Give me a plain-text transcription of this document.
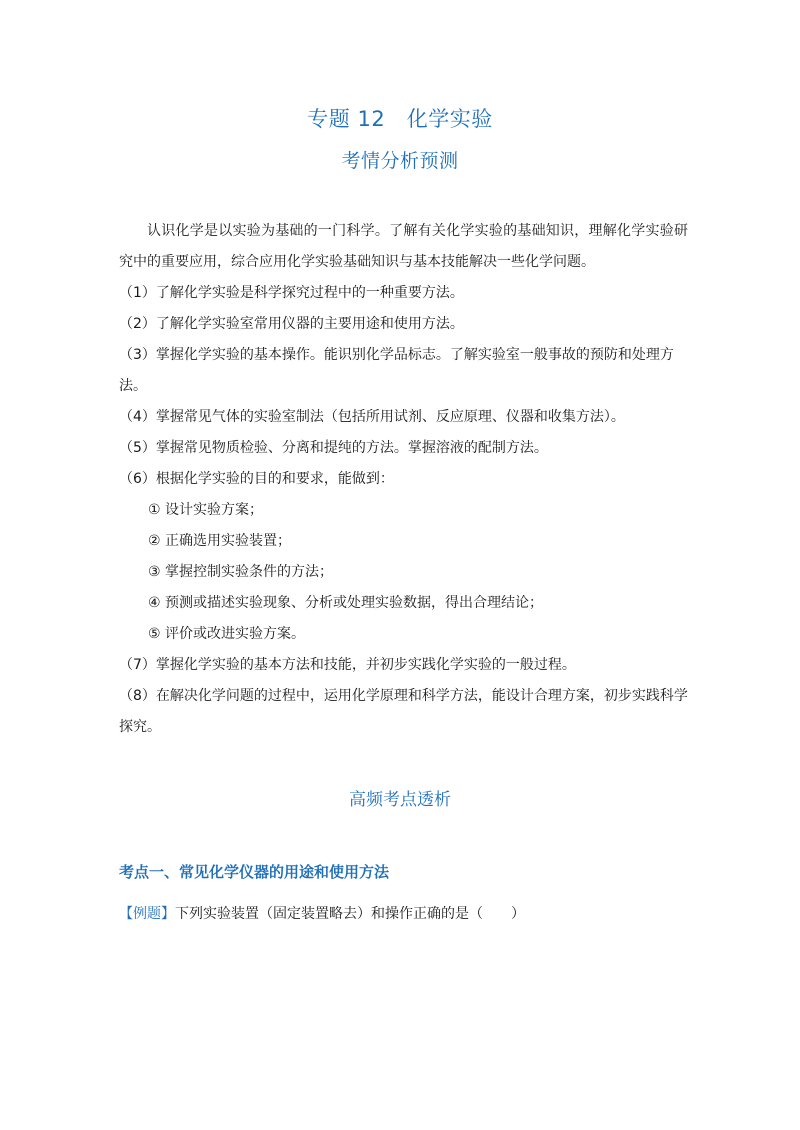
专题 12　化学实验
考情分析预测

认识化学是以实验为基础的一门科学。了解有关化学实验的基础知识，理解化学实验研究中的重要应用，综合应用化学实验基础知识与基本技能解决一些化学问题。

（1）了解化学实验是科学探究过程中的一种重要方法。

（2）了解化学实验室常用仪器的主要用途和使用方法。

（3）掌握化学实验的基本操作。能识别化学品标志。了解实验室一般事故的预防和处理方法。

（4）掌握常见气体的实验室制法（包括所用试剂、反应原理、仪器和收集方法）。

（5）掌握常见物质检验、分离和提纯的方法。掌握溶液的配制方法。

（6）根据化学实验的目的和要求，能做到：

① 设计实验方案；

② 正确选用实验装置；

③ 掌握控制实验条件的方法；

④ 预测或描述实验现象、分析或处理实验数据，得出合理结论；

⑤ 评价或改进实验方案。

（7）掌握化学实验的基本方法和技能，并初步实践化学实验的一般过程。

（8）在解决化学问题的过程中，运用化学原理和科学方法，能设计合理方案，初步实践科学探究。

高频考点透析
考点一、常见化学仪器的用途和使用方法
【例题】下列实验装置（固定装置略去）和操作正确的是（　　）
